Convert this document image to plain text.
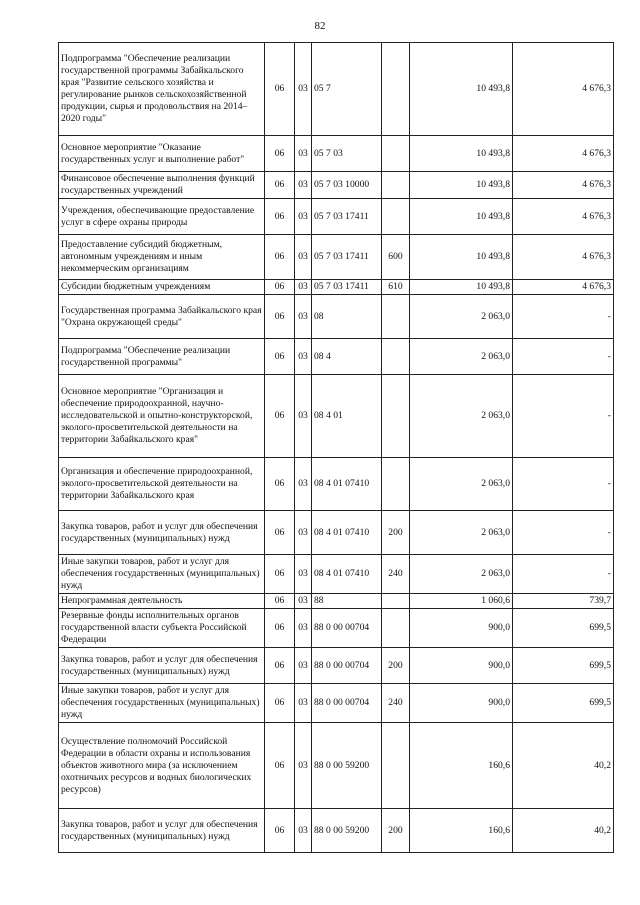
82
Подпрограмма "Обеспечение реализации государственной программы Забайкальского края "Развитие сельского хозяйства и регулирование рынков сельскохозяйственной продукции, сырья и продовольствия на 2014–2020 годы"	06	03	05 7		10 493,8	4 676,3
Основное мероприятие "Оказание государственных услуг и выполнение работ"	06	03	05 7 03		10 493,8	4 676,3
Финансовое обеспечение выполнения функций государственных учреждений	06	03	05 7 03 10000		10 493,8	4 676,3
Учреждения, обеспечивающие предоставление услуг в сфере охраны природы	06	03	05 7 03 17411		10 493,8	4 676,3
Предоставление субсидий бюджетным, автономным учреждениям и иным некоммерческим организациям	06	03	05 7 03 17411	600	10 493,8	4 676,3
Субсидии бюджетным учреждениям	06	03	05 7 03 17411	610	10 493,8	4 676,3
Государственная программа Забайкальского края "Охрана окружающей среды"	06	03	08		2 063,0	-
Подпрограмма "Обеспечение реализации государственной программы"	06	03	08 4		2 063,0	-
Основное мероприятие "Организация и обеспечение природоохранной, научно-исследовательской и опытно-конструкторской, эколого-просветительской деятельности на территории Забайкальского края"	06	03	08 4 01		2 063,0	-
Организация и обеспечение природоохранной, эколого-просветительской деятельности на территории Забайкальского края	06	03	08 4 01 07410		2 063,0	-
Закупка товаров, работ и услуг для обеспечения государственных (муниципальных) нужд	06	03	08 4 01 07410	200	2 063,0	-
Иные закупки товаров, работ и услуг для обеспечения государственных (муниципальных) нужд	06	03	08 4 01 07410	240	2 063,0	-
Непрограммная деятельность	06	03	88		1 060,6	739,7
Резервные фонды исполнительных органов государственной власти субъекта Российской Федерации	06	03	88 0 00 00704		900,0	699,5
Закупка товаров, работ и услуг для обеспечения государственных (муниципальных) нужд	06	03	88 0 00 00704	200	900,0	699,5
Иные закупки товаров, работ и услуг для обеспечения государственных (муниципальных) нужд	06	03	88 0 00 00704	240	900,0	699,5
Осуществление полномочий Российской Федерации в области охраны и использования объектов животного мира (за исключением охотничьих ресурсов и водных биологических ресурсов)	06	03	88 0 00 59200		160,6	40,2
Закупка товаров, работ и услуг для обеспечения государственных (муниципальных) нужд	06	03	88 0 00 59200	200	160,6	40,2
